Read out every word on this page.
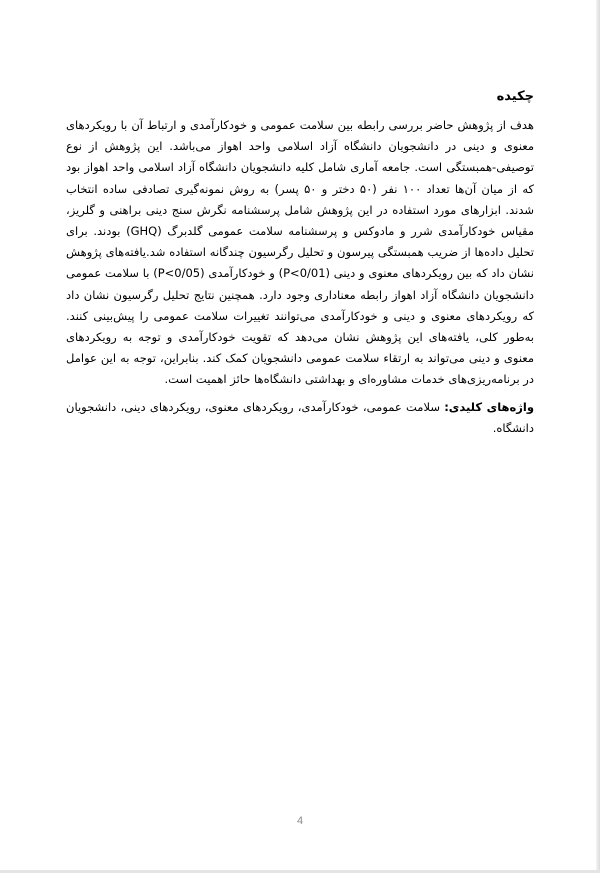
چکیده

هدف از پژوهش حاضر بررسی رابطه بین سلامت عمومی و خودکارآمدی و ارتباط آن با رویکردهای معنوی و دینی در دانشجویان دانشگاه آزاد اسلامی واحد اهواز می‌باشد. این پژوهش از نوع توصیفی-همبستگی است. جامعه آماری شامل کلیه دانشجویان دانشگاه آزاد اسلامی واحد اهواز بود که از میان آن‌ها تعداد ۱۰۰ نفر (۵۰ دختر و ۵۰ پسر) به روش نمونه‌گیری تصادفی ساده انتخاب شدند. ابزارهای مورد استفاده در این پژوهش شامل پرسشنامه نگرش سنج دینی براهنی و گلریز، مقیاس خودکارآمدی شرر و مادوکس و پرسشنامه سلامت عمومی گلدبرگ (GHQ) بودند. برای تحلیل داده‌ها از ضریب همبستگی پیرسون و تحلیل رگرسیون چندگانه استفاده شد.یافته‌های پژوهش نشان داد که بین رویکردهای معنوی و دینی (P<0/01) و خودکارآمدی (P<0/05) با سلامت عمومی دانشجویان دانشگاه آزاد اهواز رابطه معناداری وجود دارد. همچنین نتایج تحلیل رگرسیون نشان داد که رویکردهای معنوی و دینی و خودکارآمدی می‌توانند تغییرات سلامت عمومی را پیش‌بینی کنند. به‌طور کلی، یافته‌های این پژوهش نشان می‌دهد که تقویت خودکارآمدی و توجه به رویکردهای معنوی و دینی می‌تواند به ارتقاء سلامت عمومی دانشجویان کمک کند. بنابراین، توجه به این عوامل در برنامه‌ریزی‌های خدمات مشاوره‌ای و بهداشتی دانشگاه‌ها حائز اهمیت است.

واژه‌های کلیدی: سلامت عمومی، خودکارآمدی، رویکردهای معنوی، رویکردهای دینی، دانشجویان دانشگاه.

4
